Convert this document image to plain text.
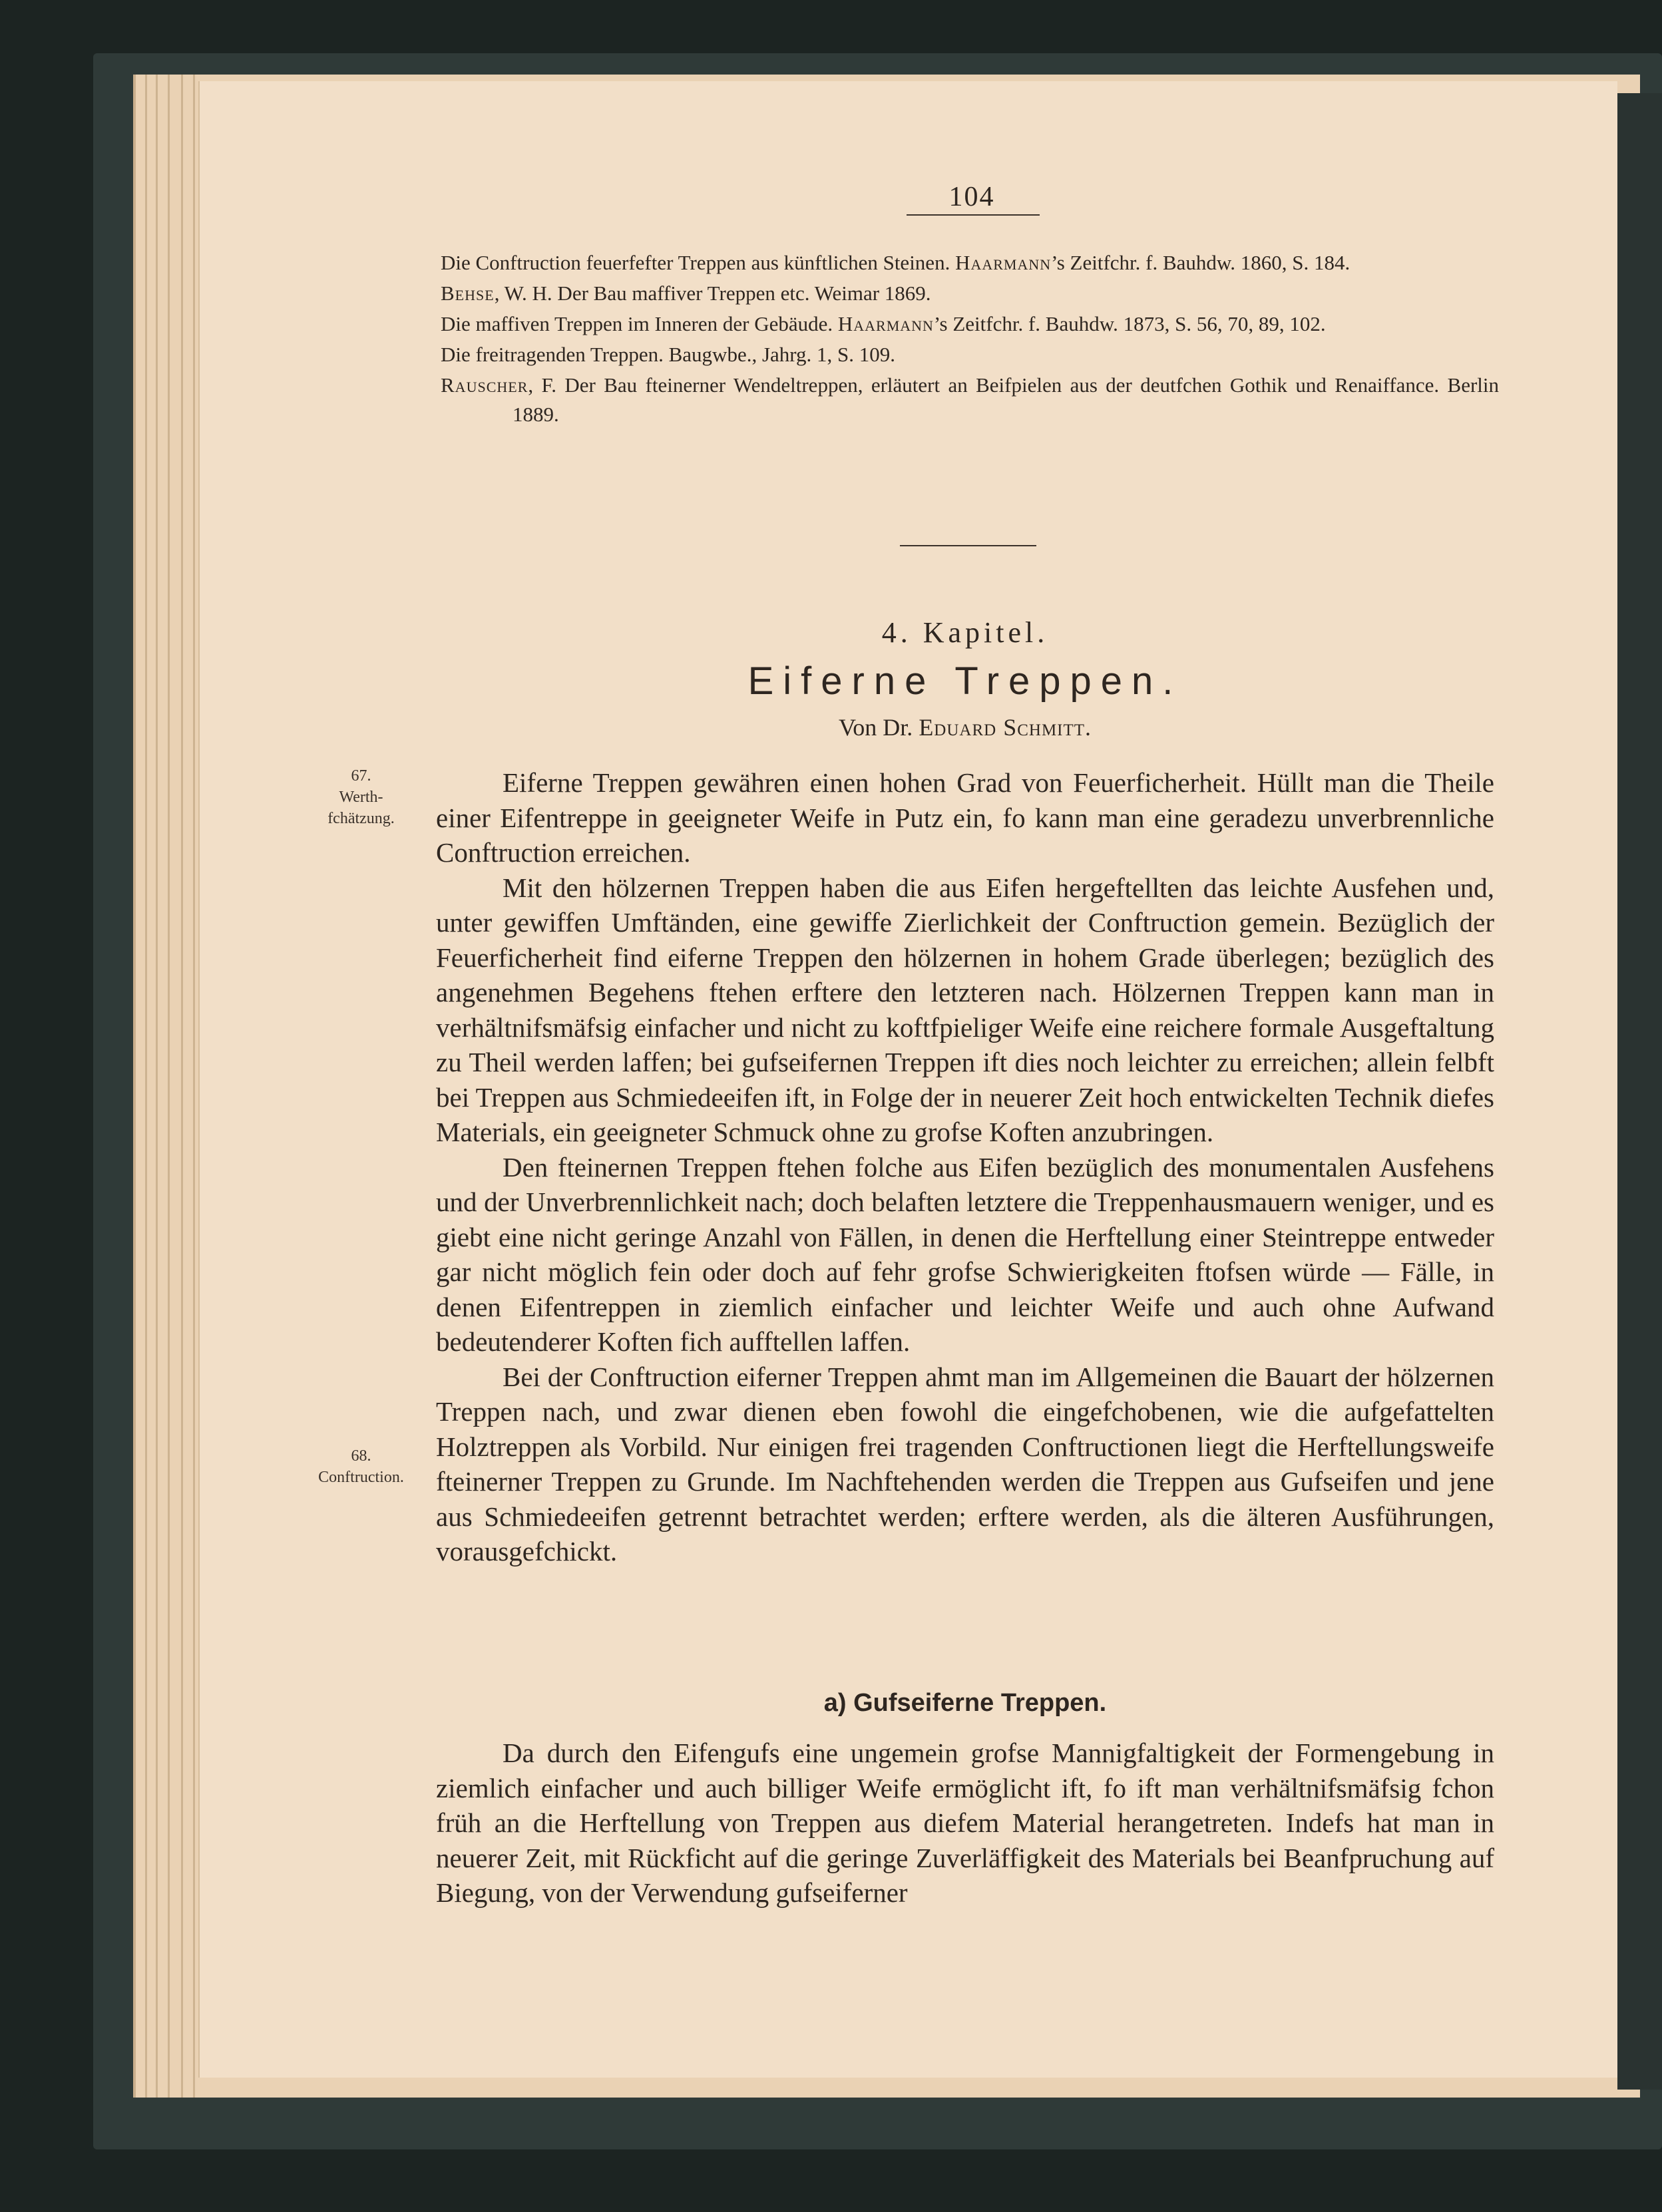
104
Die Conftruction feuerfefter Treppen aus künftlichen Steinen. Haarmann’s Zeitfchr. f. Bauhdw. 1860, S. 184.
Behse, W. H. Der Bau maffiver Treppen etc. Weimar 1869.
Die maffiven Treppen im Inneren der Gebäude. Haarmann’s Zeitfchr. f. Bauhdw. 1873, S. 56, 70, 89, 102.
Die freitragenden Treppen. Baugwbe., Jahrg. 1, S. 109.
Rauscher, F. Der Bau fteinerner Wendeltreppen, erläutert an Beifpielen aus der deutfchen Gothik und Renaiffance. Berlin 1889.
4. Kapitel.
Eiferne Treppen.
Von Dr. Eduard Schmitt.
67.
Werth-
fchätzung.
68.
Conftruction.

Eiferne Treppen gewähren einen hohen Grad von Feuerficherheit. Hüllt man die Theile einer Eifentreppe in geeigneter Weife in Putz ein, fo kann man eine geradezu unverbrennliche Conftruction erreichen.

Mit den hölzernen Treppen haben die aus Eifen hergeftellten das leichte Ausfehen und, unter gewiffen Umftänden, eine gewiffe Zierlichkeit der Conftruction gemein. Bezüglich der Feuerficherheit find eiferne Treppen den hölzernen in hohem Grade überlegen; bezüglich des angenehmen Begehens ftehen erftere den letzteren nach. Hölzernen Treppen kann man in verhältnifsmäfsig einfacher und nicht zu koftfpieliger Weife eine reichere formale Ausgeftaltung zu Theil werden laffen; bei gufseifernen Treppen ift dies noch leichter zu erreichen; allein felbft bei Treppen aus Schmiedeeifen ift, in Folge der in neuerer Zeit hoch entwickelten Technik diefes Materials, ein geeigneter Schmuck ohne zu grofse Koften anzubringen.

Den fteinernen Treppen ftehen folche aus Eifen bezüglich des monumentalen Ausfehens und der Unverbrennlichkeit nach; doch belaften letztere die Treppenhausmauern weniger, und es giebt eine nicht geringe Anzahl von Fällen, in denen die Herftellung einer Steintreppe entweder gar nicht möglich fein oder doch auf fehr grofse Schwierigkeiten ftofsen würde — Fälle, in denen Eifentreppen in ziemlich einfacher und leichter Weife und auch ohne Aufwand bedeutenderer Koften fich aufftellen laffen.

Bei der Conftruction eiferner Treppen ahmt man im Allgemeinen die Bauart der hölzernen Treppen nach, und zwar dienen eben fowohl die eingefchobenen, wie die aufgefattelten Holztreppen als Vorbild. Nur einigen frei tragenden Conftructionen liegt die Herftellungsweife fteinerner Treppen zu Grunde. Im Nachftehenden werden die Treppen aus Gufseifen und jene aus Schmiedeeifen getrennt betrachtet werden; erftere werden, als die älteren Ausführungen, vorausgefchickt.

a) Gufseiferne Treppen.

Da durch den Eifengufs eine ungemein grofse Mannigfaltigkeit der Formengebung in ziemlich einfacher und auch billiger Weife ermöglicht ift, fo ift man verhältnifsmäfsig fchon früh an die Herftellung von Treppen aus diefem Material herangetreten. Indefs hat man in neuerer Zeit, mit Rückficht auf die geringe Zuverläffigkeit des Materials bei Beanfpruchung auf Biegung, von der Verwendung gufseiferner
